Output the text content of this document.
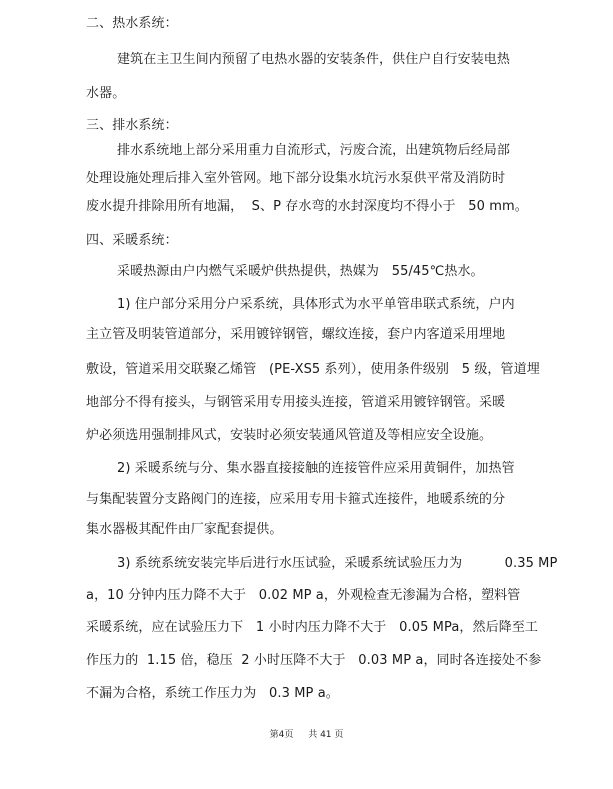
二、热水系统：
建筑在主卫生间内预留了电热水器的安装条件，供住户自行安装电热
水器。
三、排水系统：
排水系统地上部分采用重力自流形式，污废合流，出建筑物后经局部
处理设施处理后排入室外管网。地下部分设集水坑污水泵供平常及消防时
废水提升排除用所有地漏，  S、P 存水弯的水封深度均不得小于   50 mm。
四、采暖系统：
采暖热源由户内燃气采暖炉供热提供，热媒为   55/45℃热水。
1) 住户部分采用分户采系统，具体形式为水平单管串联式系统，户内
主立管及明装管道部分，采用镀锌钢管，螺纹连接，套户内客道采用埋地
敷设，管道采用交联聚乙烯管   (PE-XS5 系列），使用条件级别   5 级，管道埋
地部分不得有接头，与钢管采用专用接头连接，管道采用镀锌钢管。采暖
炉必须选用强制排风式，安装时必须安装通风管道及等相应安全设施。
2) 采暖系统与分、集水器直接接触的连接管件应采用黄铜件，加热管
与集配装置分支路阀门的连接，应采用专用卡箍式连接件，地暖系统的分
集水器极其配件由厂家配套提供。
3) 系统系统安装完毕后进行水压试验，采暖系统试验压力为          0.35 MP
a，10 分钟内压力降不大于   0.02 MP a，外观检查无渗漏为合格，塑料管
采暖系统，应在试验压力下   1 小时内压力降不大于   0.05 MPa，然后降至工
作压力的  1.15 倍，稳压  2 小时压降不大于   0.03 MP a，同时各连接处不参
不漏为合格，系统工作压力为   0.3 MP a。
第4页 共 41 页
